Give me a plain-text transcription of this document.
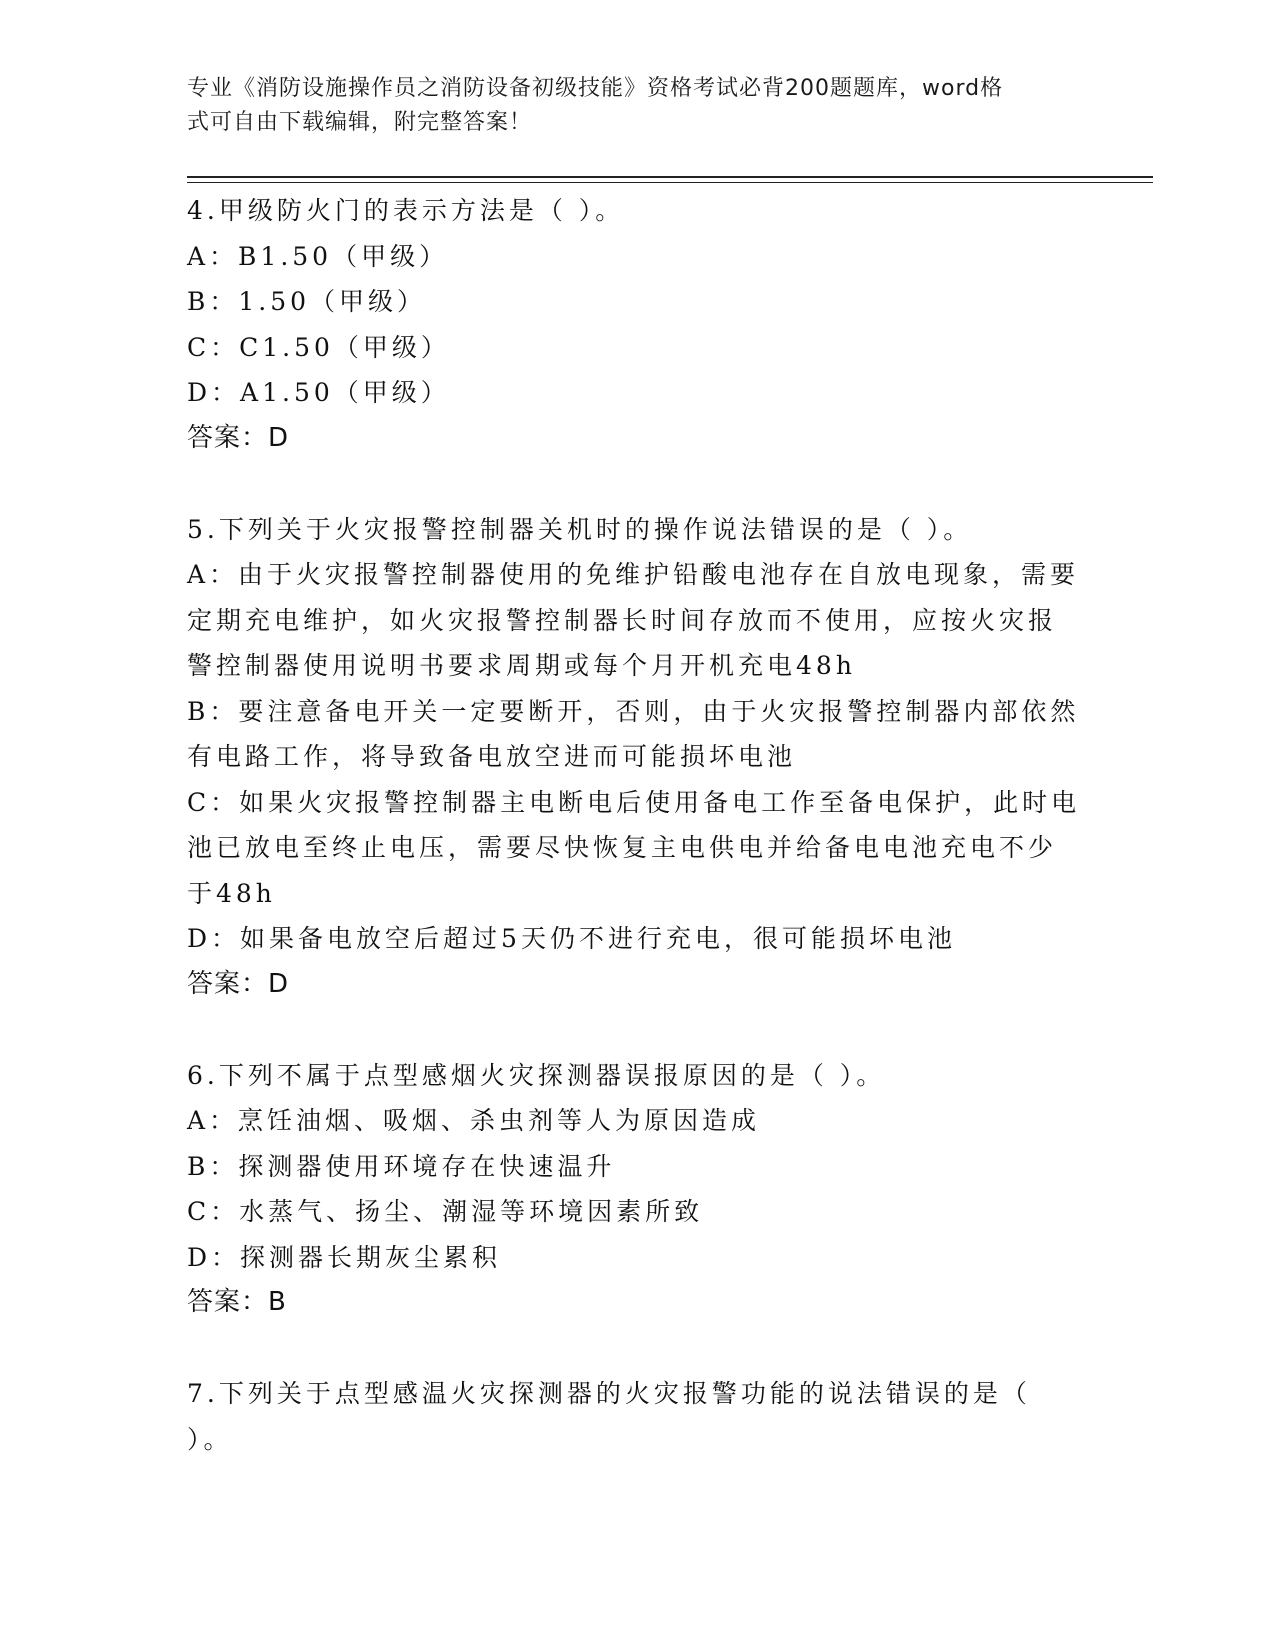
专业《消防设施操作员之消防设备初级技能》资格考试必背200题题库，word格
式可自由下载编辑，附完整答案！
4.甲级防火门的表示方法是（ ）。
A：B1.50（甲级）
B：1.50（甲级）
C：C1.50（甲级）
D：A1.50（甲级）
答案：D
5.下列关于火灾报警控制器关机时的操作说法错误的是（ ）。
A：由于火灾报警控制器使用的免维护铅酸电池存在自放电现象，需要
定期充电维护，如火灾报警控制器长时间存放而不使用，应按火灾报
警控制器使用说明书要求周期或每个月开机充电48h
B：要注意备电开关一定要断开，否则，由于火灾报警控制器内部依然
有电路工作，将导致备电放空进而可能损坏电池
C：如果火灾报警控制器主电断电后使用备电工作至备电保护，此时电
池已放电至终止电压，需要尽快恢复主电供电并给备电电池充电不少
于48h
D：如果备电放空后超过5天仍不进行充电，很可能损坏电池
答案：D
6.下列不属于点型感烟火灾探测器误报原因的是（ ）。
A：烹饪油烟、吸烟、杀虫剂等人为原因造成
B：探测器使用环境存在快速温升
C：水蒸气、扬尘、潮湿等环境因素所致
D：探测器长期灰尘累积
答案：B
7.下列关于点型感温火灾探测器的火灾报警功能的说法错误的是（
）。
